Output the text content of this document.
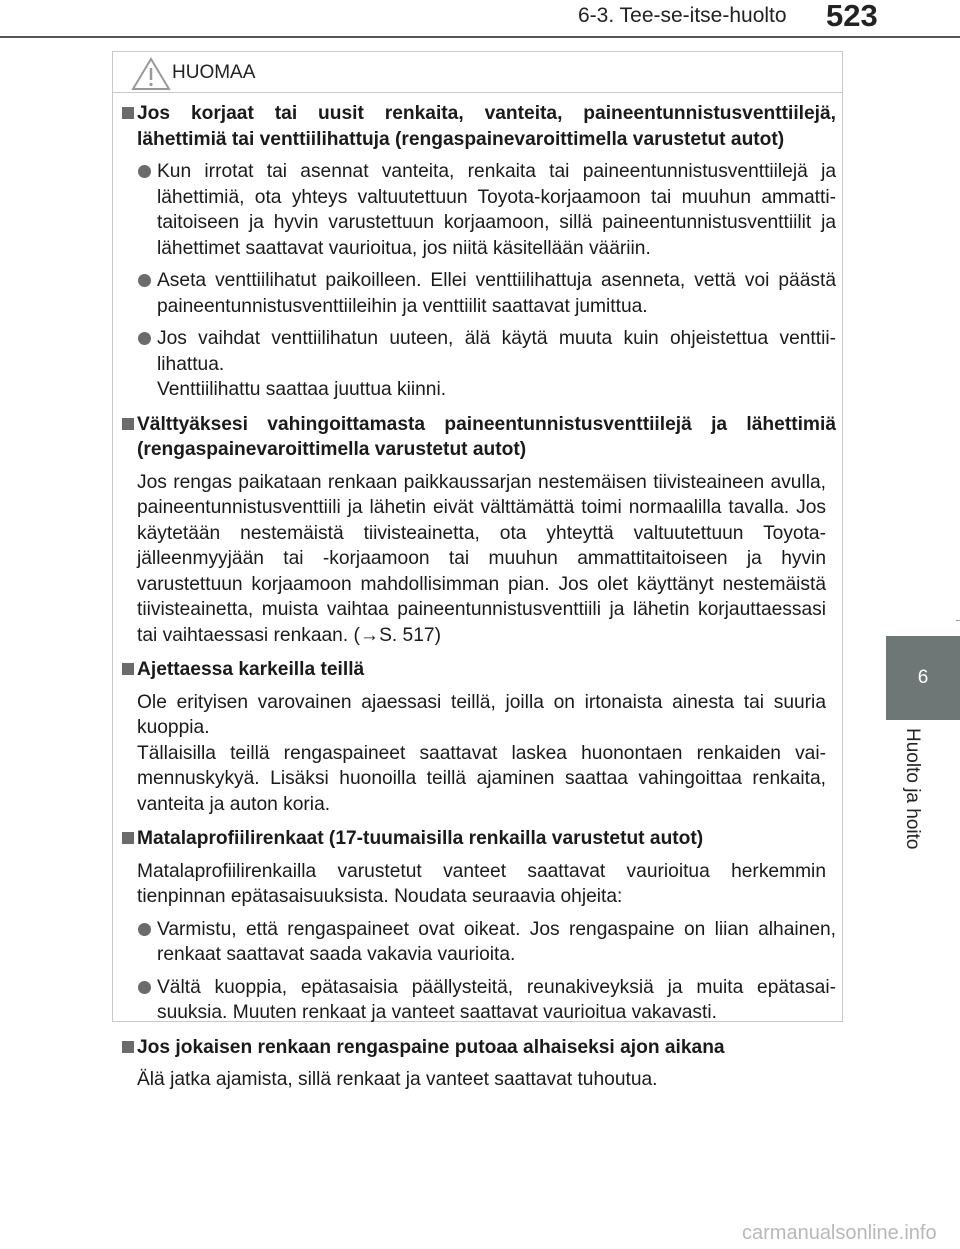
6-3. Tee-se-itse-huolto 523
6
Huolto ja hoito
HUOMAA
Jos korjaat tai uusit renkaita, vanteita, paineentunnistusventtiilejä, lähettimiä tai venttiilihattuja (rengaspainevaroittimella varustetut autot)
Kun irrotat tai asennat vanteita, renkaita tai paineentunnistusventtiilejä ja lähettimiä, ota yhteys valtuutettuun Toyota-korjaamoon tai muuhun ammattitaitoiseen ja hyvin varustettuun korjaamoon, sillä paineentunnistusventtiilit ja lähettimet saattavat vaurioitua, jos niitä käsitellään vääriin.
Aseta venttiilihatut paikoilleen. Ellei venttiilihattuja asenneta, vettä voi päästä paineentunnistusventtiileihin ja venttiilit saattavat jumittua.
Jos vaihdat venttiilihatun uuteen, älä käytä muuta kuin ohjeistettua venttiilihattua.
Venttiilihattu saattaa juuttua kiinni.
Välttyäksesi vahingoittamasta paineentunnistusventtiilejä ja lähettimiä (rengaspainevaroittimella varustetut autot)
Jos rengas paikataan renkaan paikkaussarjan nestemäisen tiivisteaineen avulla, paineentunnistusventtiili ja lähetin eivät välttämättä toimi normaalilla tavalla. Jos käytetään nestemäistä tiivisteainetta, ota yhteyttä valtuutettuun Toyota-jälleenmyyjään tai -korjaamoon tai muuhun ammattitaitoiseen ja hyvin varustettuun korjaamoon mahdollisimman pian. Jos olet käyttänyt nestemäistä tiivisteainetta, muista vaihtaa paineentunnistusventtiili ja lähetin korjauttaessasi tai vaihtaessasi renkaan. (→S. 517)
Ajettaessa karkeilla teillä
Ole erityisen varovainen ajaessasi teillä, joilla on irtonaista ainesta tai suuria kuoppia.
Tällaisilla teillä rengaspaineet saattavat laskea huonontaen renkaiden vaimennuskykyä. Lisäksi huonoilla teillä ajaminen saattaa vahingoittaa renkaita, vanteita ja auton koria.
Matalaprofiilirenkaat (17-tuumaisilla renkailla varustetut autot)
Matalaprofiilirenkailla varustetut vanteet saattavat vaurioitua herkemmin tienpinnan epätasaisuuksista. Noudata seuraavia ohjeita:
Varmistu, että rengaspaineet ovat oikeat. Jos rengaspaine on liian alhainen, renkaat saattavat saada vakavia vaurioita.
Vältä kuoppia, epätasaisia päällysteitä, reunakiveyksiä ja muita epätasaisuuksia. Muuten renkaat ja vanteet saattavat vaurioitua vakavasti.
Jos jokaisen renkaan rengaspaine putoaa alhaiseksi ajon aikana
Älä jatka ajamista, sillä renkaat ja vanteet saattavat tuhoutua.
carmanualsonline.info
